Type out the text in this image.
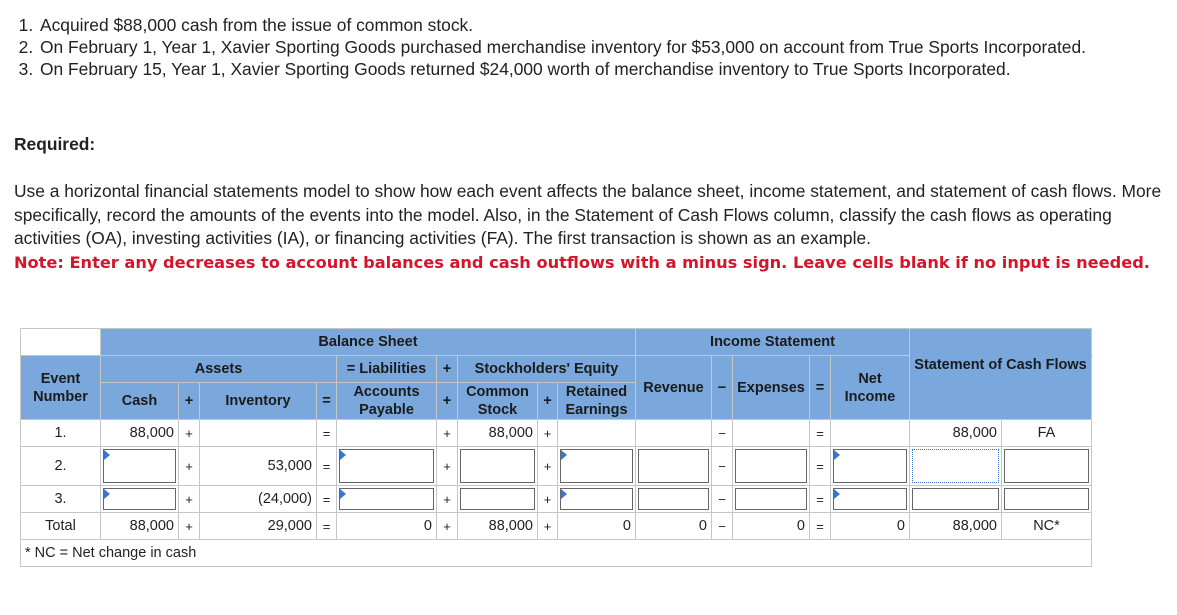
1. Acquired $88,000 cash from the issue of common stock.
2. On February 1, Year 1, Xavier Sporting Goods purchased merchandise inventory for $53,000 on account from True Sports Incorporated.
3. On February 15, Year 1, Xavier Sporting Goods returned $24,000 worth of merchandise inventory to True Sports Incorporated.
Required:
Use a horizontal financial statements model to show how each event affects the balance sheet, income statement, and statement of cash flows. More specifically, record the amounts of the events into the model. Also, in the Statement of Cash Flows column, classify the cash flows as operating activities (OA), investing activities (IA), or financing activities (FA). The first transaction is shown as an example.
Note: Enter any decreases to account balances and cash outflows with a minus sign. Leave cells blank if no input is needed.
	Balance Sheet									Income Statement						
Event Number	Assets				= Liabilities	+	Stockholders' Equity			Revenue	−	Expenses	=	Net Income	Statement of Cash Flows	
	Cash	+	Inventory	=	Accounts Payable	+	Common Stock	+	Retained Earnings							
1.	88,000	+		=		+	88,000	+			−		=		88,000	FA
2.		+	53,000	=		+		+			−		=	

3.		+	(24,000)	=		+		+			−		=	

Total	88,000	+	29,000	=	0	+	88,000	+	0	0	−	0	=	0	88,000	NC*
* NC = Net change in cash																
